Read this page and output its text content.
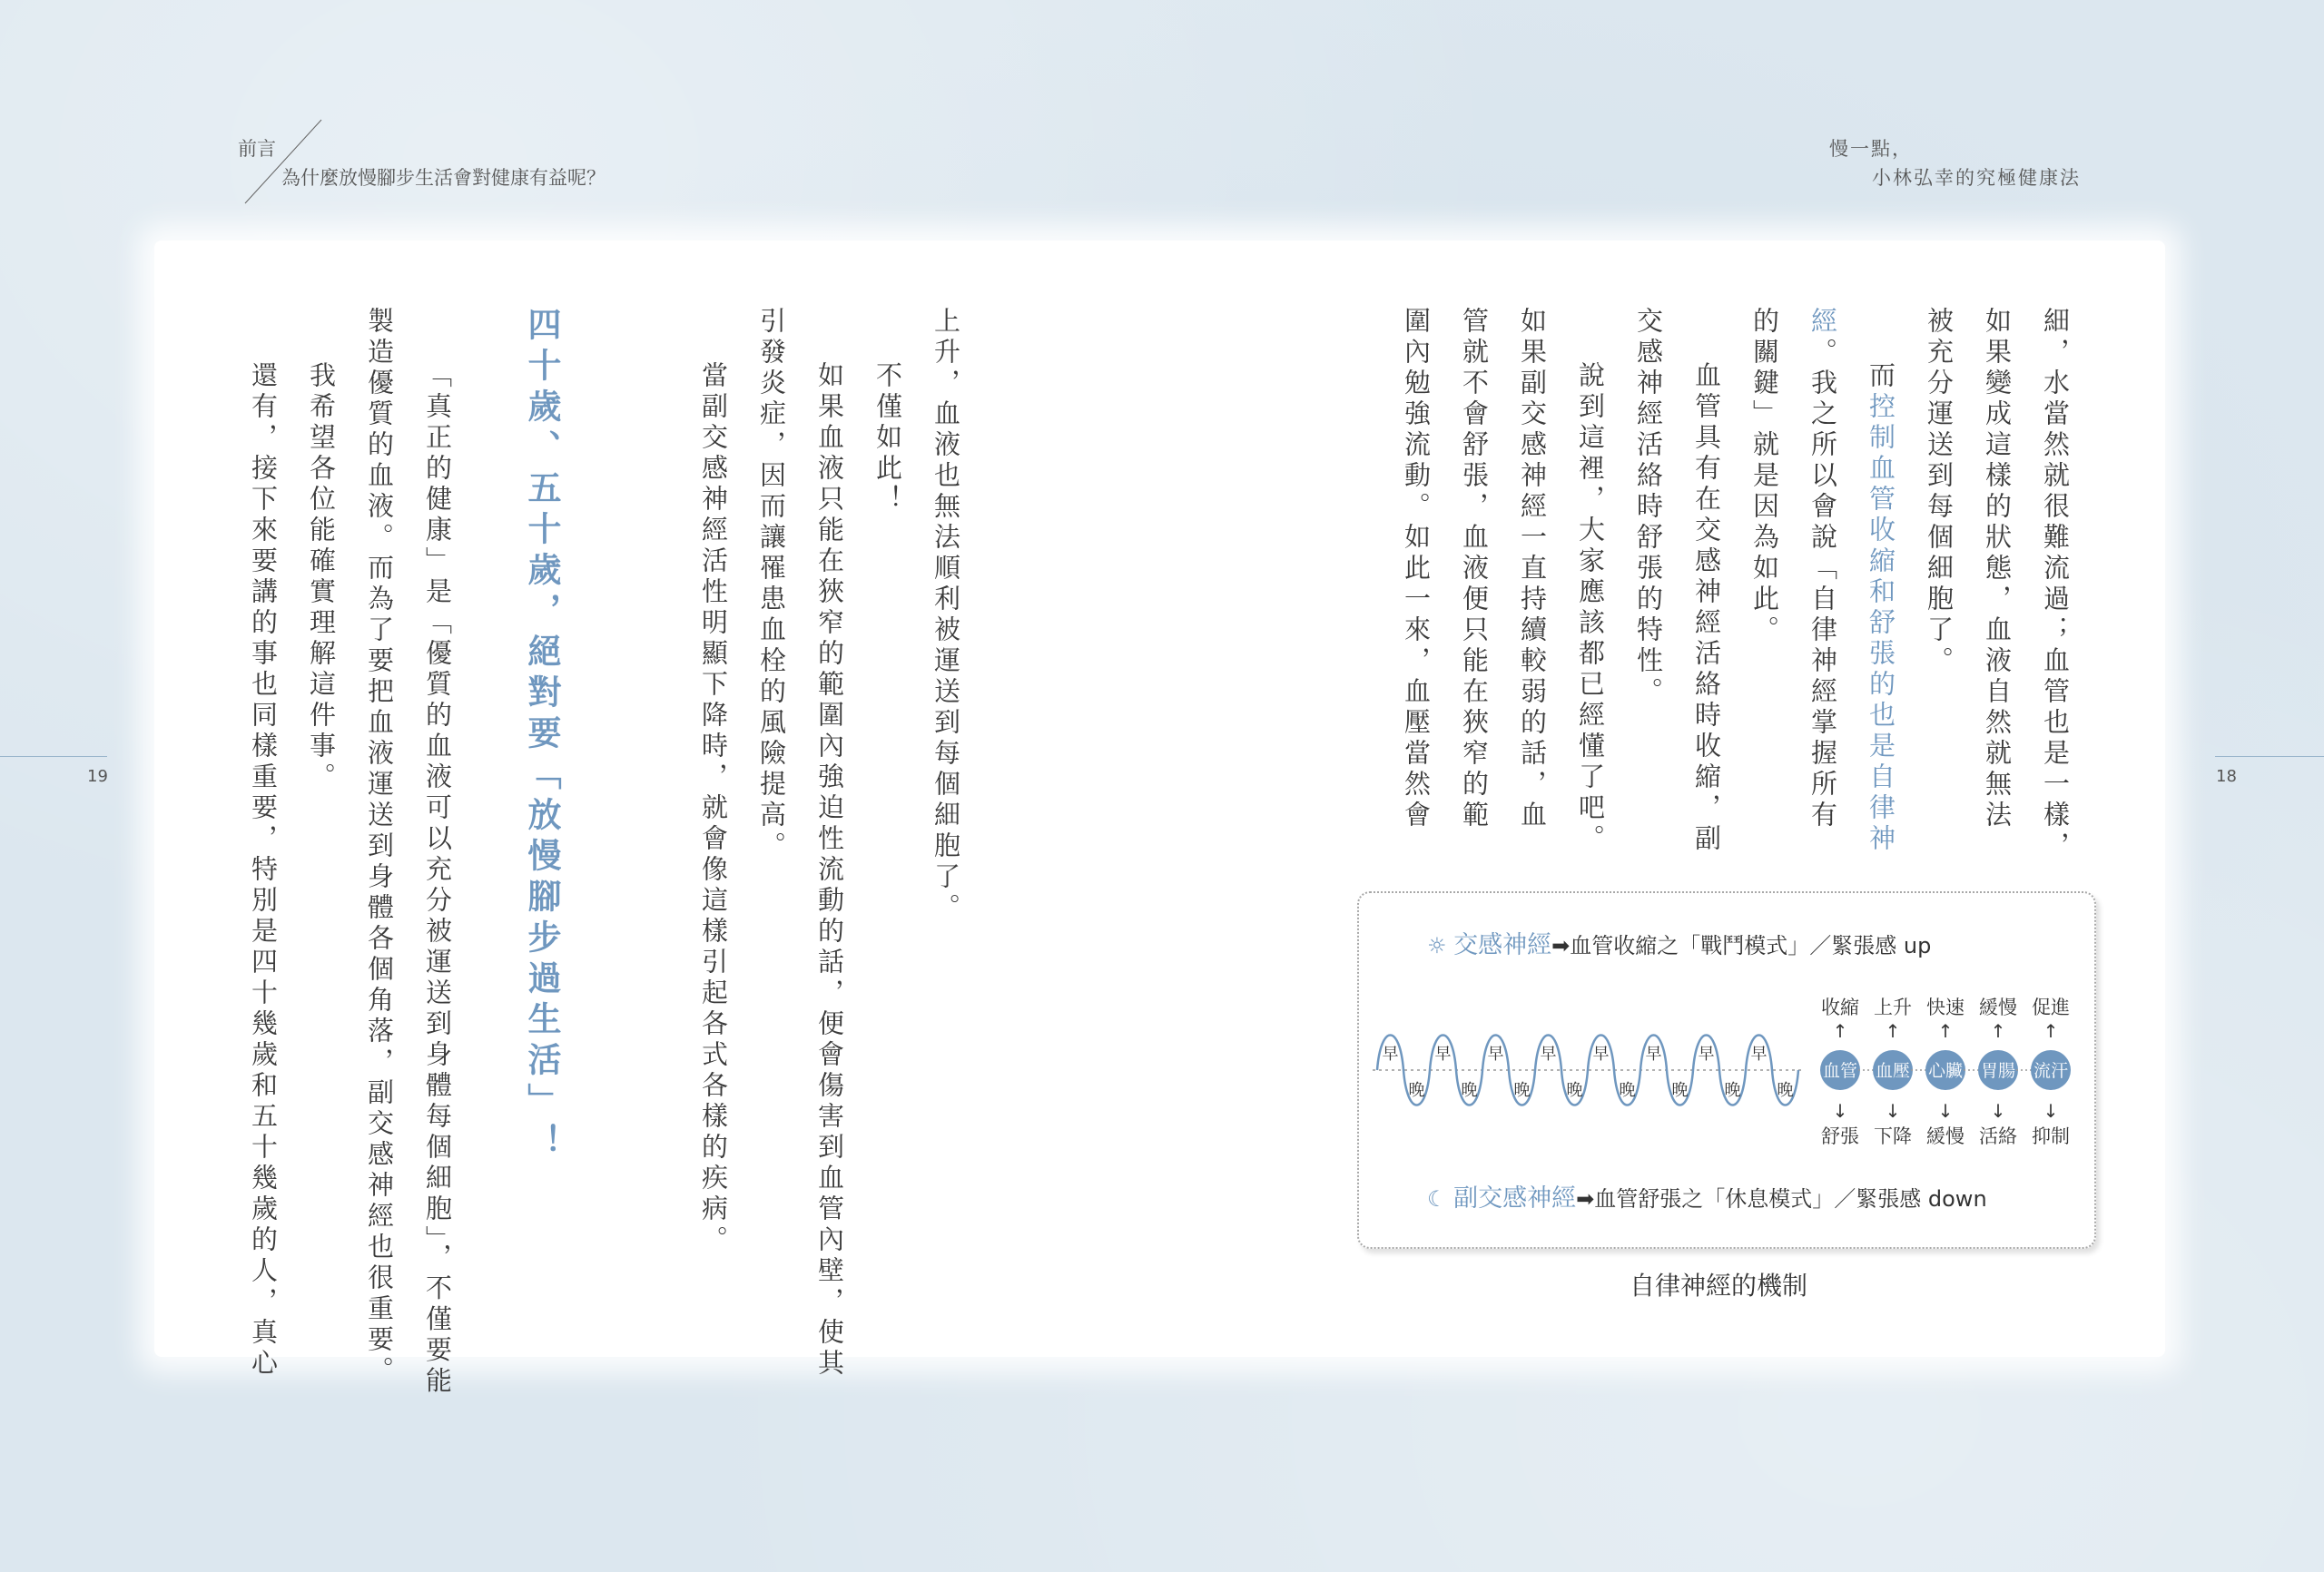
前言
為什麼放慢腳步生活會對健康有益呢？
慢一點，
小林弘幸的究極健康法
19	18
細，水當然就很難流過；血管也是一樣，
如果變成這樣的狀態，血液自然就無法
被充分運送到每個細胞了。
而控制血管收縮和舒張的也是自律神
經。我之所以會說「自律神經掌握所有
的關鍵」就是因為如此。
血管具有在交感神經活絡時收縮，副
交感神經活絡時舒張的特性。
說到這裡，大家應該都已經懂了吧。
如果副交感神經一直持續較弱的話，血
管就不會舒張，血液便只能在狹窄的範
圍內勉強流動。如此一來，血壓當然會
上升，血液也無法順利被運送到每個細胞了。
不僅如此！
如果血液只能在狹窄的範圍內強迫性流動的話，便會傷害到血管內壁，使其
引發炎症，因而讓罹患血栓的風險提高。
當副交感神經活性明顯下降時，就會像這樣引起各式各樣的疾病。
四十歲、五十歲，絕對要「放慢腳步過生活」！
「真正的健康」是「優質的血液可以充分被運送到身體每個細胞」，不僅要能
製造優質的血液。而為了要把血液運送到身體各個角落，副交感神經也很重要。
我希望各位能確實理解這件事。
還有，接下來要講的事也同樣重要，特別是四十幾歲和五十幾歲的人，真心	☼ 交感神經➡血管收縮之「戰鬥模式」／緊張感 up
☾ 副交感神經➡血管舒張之「休息模式」／緊張感 down
早
晚
早
晚
早
晚
早
晚
早
晚
早
晚
早
晚
早
晚
血管
↑
收縮
↓
舒張
血壓
↑
上升
↓
下降
心臟
↑
快速
↓
緩慢
胃腸
↑
緩慢
↓
活絡
流汗
↑
促進
↓
抑制
自律神經的機制
